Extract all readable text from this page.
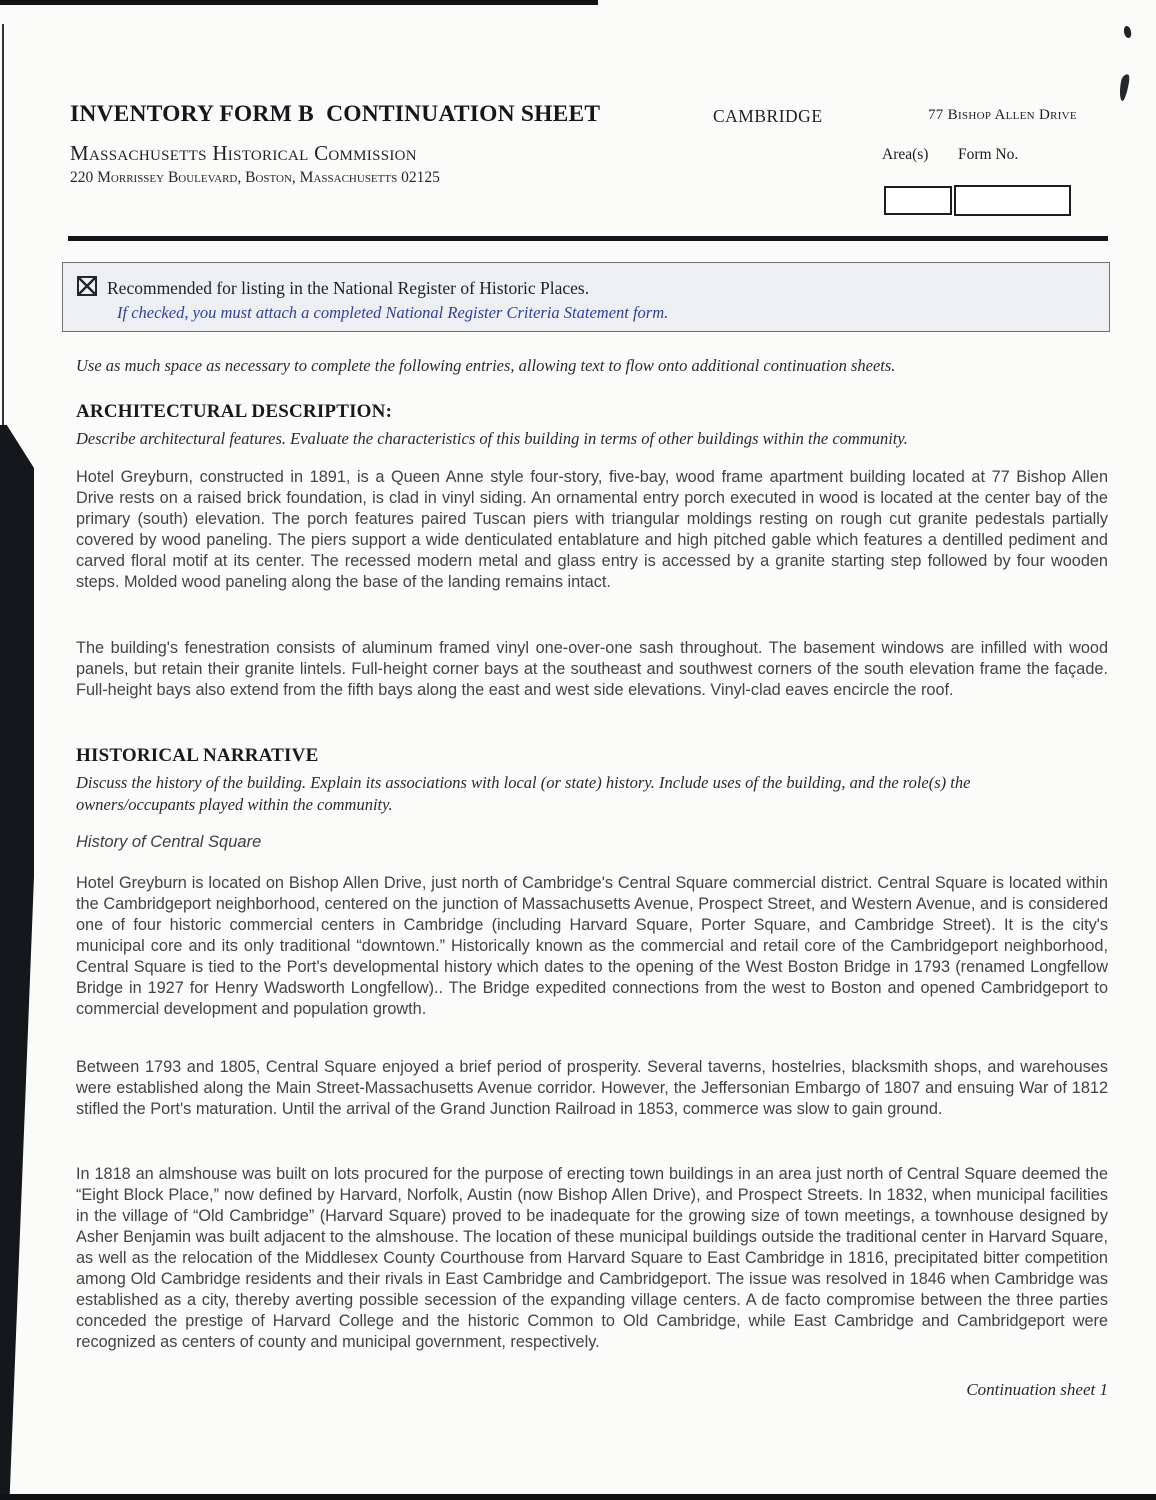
INVENTORY FORM B  CONTINUATION SHEET	CAMBRIDGE	77 Bishop Allen Drive
Massachusetts Historical Commission
220 Morrissey Boulevard, Boston, Massachusetts 02125
Area(s) Form No.
Recommended for listing in the National Register of Historic Places.
If checked, you must attach a completed National Register Criteria Statement form.
Use as much space as necessary to complete the following entries, allowing text to flow onto additional continuation sheets.
ARCHITECTURAL DESCRIPTION:
Describe architectural features. Evaluate the characteristics of this building in terms of other buildings within the community.
Hotel Greyburn, constructed in 1891, is a Queen Anne style four-story, five-bay, wood frame apartment building located at 77 Bishop Allen Drive rests on a raised brick foundation, is clad in vinyl siding. An ornamental entry porch executed in wood is located at the center bay of the primary (south) elevation. The porch features paired Tuscan piers with triangular moldings resting on rough cut granite pedestals partially covered by wood paneling. The piers support a wide denticulated entablature and high pitched gable which features a dentilled pediment and carved floral motif at its center. The recessed modern metal and glass entry is accessed by a granite starting step followed by four wooden steps. Molded wood paneling along the base of the landing remains intact.
The building's fenestration consists of aluminum framed vinyl one-over-one sash throughout. The basement windows are infilled with wood panels, but retain their granite lintels. Full-height corner bays at the southeast and southwest corners of the south elevation frame the façade. Full-height bays also extend from the fifth bays along the east and west side elevations. Vinyl-clad eaves encircle the roof.
HISTORICAL NARRATIVE
Discuss the history of the building. Explain its associations with local (or state) history. Include uses of the building, and the role(s) the owners/occupants played within the community.
History of Central Square
Hotel Greyburn is located on Bishop Allen Drive, just north of Cambridge's Central Square commercial district. Central Square is located within the Cambridgeport neighborhood, centered on the junction of Massachusetts Avenue, Prospect Street, and Western Avenue, and is considered one of four historic commercial centers in Cambridge (including Harvard Square, Porter Square, and Cambridge Street). It is the city's municipal core and its only traditional “downtown.” Historically known as the commercial and retail core of the Cambridgeport neighborhood, Central Square is tied to the Port's developmental history which dates to the opening of the West Boston Bridge in 1793 (renamed Longfellow Bridge in 1927 for Henry Wadsworth Longfellow).. The Bridge expedited connections from the west to Boston and opened Cambridgeport to commercial development and population growth.
Between 1793 and 1805, Central Square enjoyed a brief period of prosperity. Several taverns, hostelries, blacksmith shops, and warehouses were established along the Main Street-Massachusetts Avenue corridor. However, the Jeffersonian Embargo of 1807 and ensuing War of 1812 stifled the Port's maturation. Until the arrival of the Grand Junction Railroad in 1853, commerce was slow to gain ground.
In 1818 an almshouse was built on lots procured for the purpose of erecting town buildings in an area just north of Central Square deemed the “Eight Block Place,” now defined by Harvard, Norfolk, Austin (now Bishop Allen Drive), and Prospect Streets. In 1832, when municipal facilities in the village of “Old Cambridge” (Harvard Square) proved to be inadequate for the growing size of town meetings, a townhouse designed by Asher Benjamin was built adjacent to the almshouse. The location of these municipal buildings outside the traditional center in Harvard Square, as well as the relocation of the Middlesex County Courthouse from Harvard Square to East Cambridge in 1816, precipitated bitter competition among Old Cambridge residents and their rivals in East Cambridge and Cambridgeport. The issue was resolved in 1846 when Cambridge was established as a city, thereby averting possible secession of the expanding village centers. A de facto compromise between the three parties conceded the prestige of Harvard College and the historic Common to Old Cambridge, while East Cambridge and Cambridgeport were recognized as centers of county and municipal government, respectively.
Continuation sheet 1
